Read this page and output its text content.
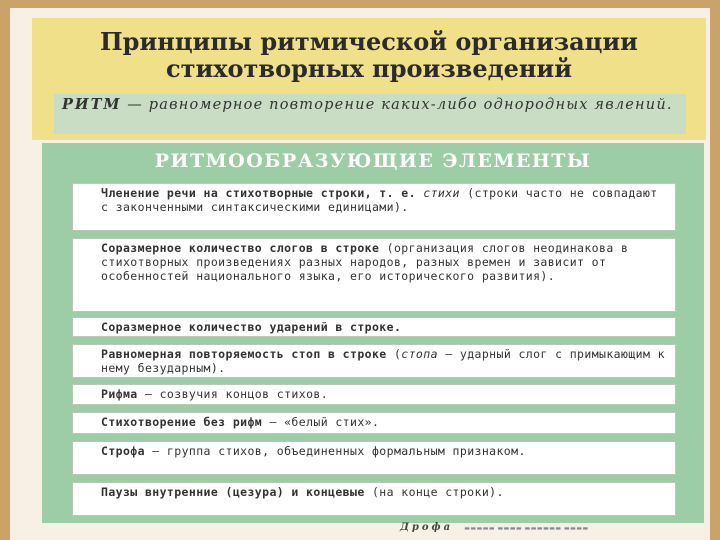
Принципы ритмической организации
стихотворных произведений
РИТМ — равномерное повторение каких-либо однородных явлений.
РИТМООБРАЗУЮЩИЕ ЭЛЕМЕНТЫ
Членение речи на стихотворные строки, т. е. стихи (строки часто не совпадают с законченными синтаксическими единицами).
Соразмерное количество слогов в строке (организация слогов неодинакова в стихотворных произведениях разных народов, разных времен и зависит от особенностей национального языка, его исторического развития).
Соразмерное количество ударений в строке.
Равномерная повторяемость стоп в строке (стопа — ударный слог с примыкающим к нему безударным).
Рифма — созвучия концов стихов.
Стихотворение без рифм — «белый стих».
Строфа — группа стихов, объединенных формальным признаком.
Паузы внутренние (цезура) и концевые (на конце строки).
Дрофа ▬▬▬▬▬ ▬▬▬▬ ▬▬▬▬▬▬ ▬▬▬▬
